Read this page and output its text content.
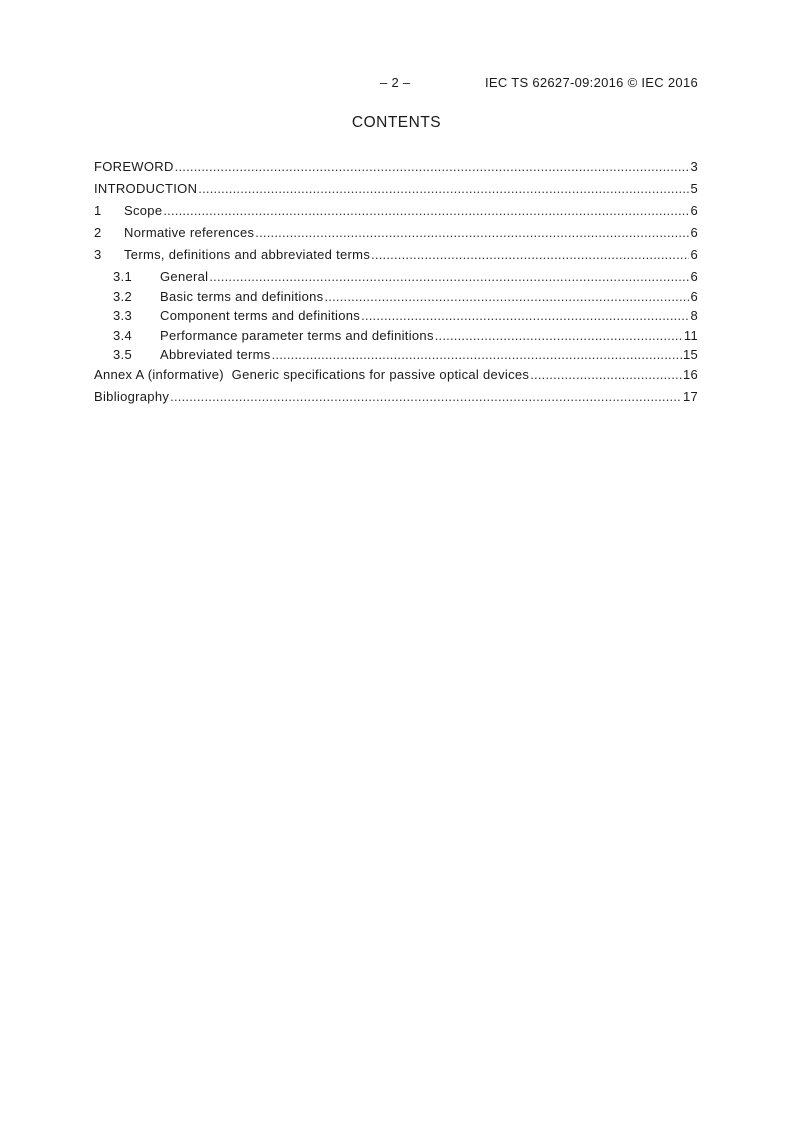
– 2 –	IEC TS 62627-09:2016 © IEC 2016
CONTENTS
FOREWORD .....	3
INTRODUCTION .....	5
1	Scope .....	6
2	Normative references .....	6
3	Terms, definitions and abbreviated terms .....	6
3.1	General .....	6
3.2	Basic terms and definitions .....	6
3.3	Component terms and definitions .....	8
3.4	Performance parameter terms and definitions .....	11
3.5	Abbreviated terms .....	15
Annex A (informative)  Generic specifications for passive optical devices .....	16
Bibliography .....	17
